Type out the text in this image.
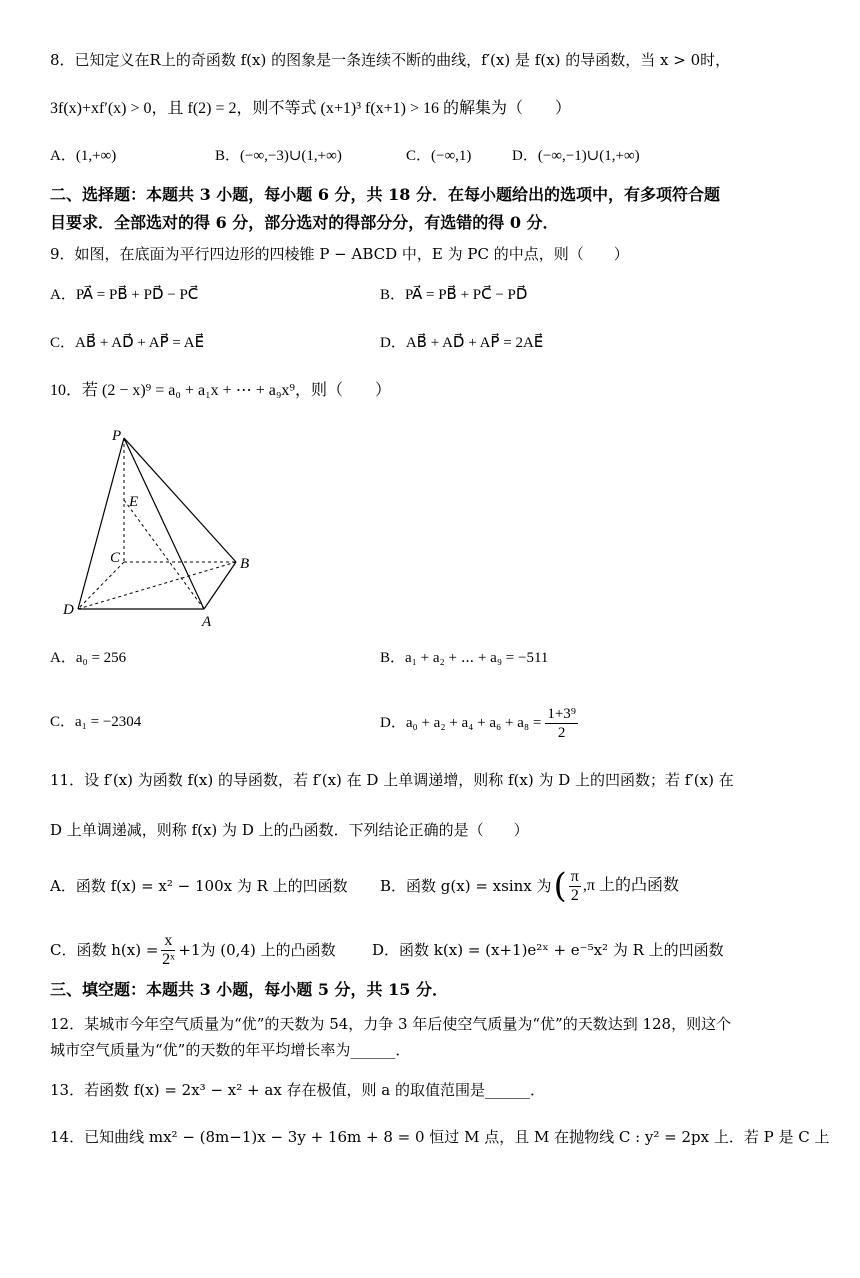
8．已知定义在R上的奇函数 f(x) 的图象是一条连续不断的曲线，f′(x) 是 f(x) 的导函数，当 x > 0时，
3f(x)+xf′(x) > 0，且 f(2) = 2，则不等式 (x+1)³ f(x+1) > 16 的解集为（　　）
A．(1,+∞)	B．(−∞,−3)∪(1,+∞)	C．(−∞,1)	D．(−∞,−1)∪(1,+∞)
二、选择题：本题共 3 小题，每小题 6 分，共 18 分．在每小题给出的选项中，有多项符合题
目要求．全部选对的得 6 分，部分选对的得部分分，有选错的得 0 分．
9．如图，在底面为平行四边形的四棱锥 P − ABCD 中，E 为 PC 的中点，则（　　）
A．PA⃗ = PB⃗ + PD⃗ − PC⃗	B．PA⃗ = PB⃗ + PC⃗ − PD⃗
C．AB⃗ + AD⃗ + AP⃗ = AE⃗	D．AB⃗ + AD⃗ + AP⃗ = 2AE⃗
10．若 (2 − x)⁹ = a₀ + a₁x + ⋯ + a₉x⁹，则（　　）
P
E
C	B
D
A
A．a₀ = 256	B．a₁ + a₂ + ⋯ + a₉ = −511
C．a₁ = −2304	D．$a_0 + a_2 + a_4 + a_6 + a_8 = \frac{\text{1+3⁹}}{2}$
11．设 f′(x) 为函数 f(x) 的导函数，若 f′(x) 在 D 上单调递增，则称 f(x) 为 D 上的凹函数；若 f′(x) 在
D 上单调递减，则称 f(x) 为 D 上的凸函数．下列结论正确的是（　　）
A．函数 f(x) = x² − 100x 为 R 上的凹函数 B．函数 g(x) = xsinx 为 ( $\frac{\pi}{2} ,\pi$ 上的凸函数
C．函数 $h(x) = \frac{x}{\text{2ˣ}} +1$为 (0,4) 上的凸函数 D．函数 k(x) = (x+1)e²ˣ + e⁻⁵x² 为 R 上的凹函数
三、填空题：本题共 3 小题，每小题 5 分，共 15 分．
12．某城市今年空气质量为“优”的天数为 54，力争 3 年后使空气质量为“优”的天数达到 128，则这个
城市空气质量为“优”的天数的年平均增长率为______．
13．若函数 f(x) = 2x³ − x² + ax 存在极值，则 a 的取值范围是______．
14．已知曲线 mx² − (8m−1)x − 3y + 16m + 8 = 0 恒过 M 点，且 M 在抛物线 C : y² = 2px 上．若 P 是 C 上
